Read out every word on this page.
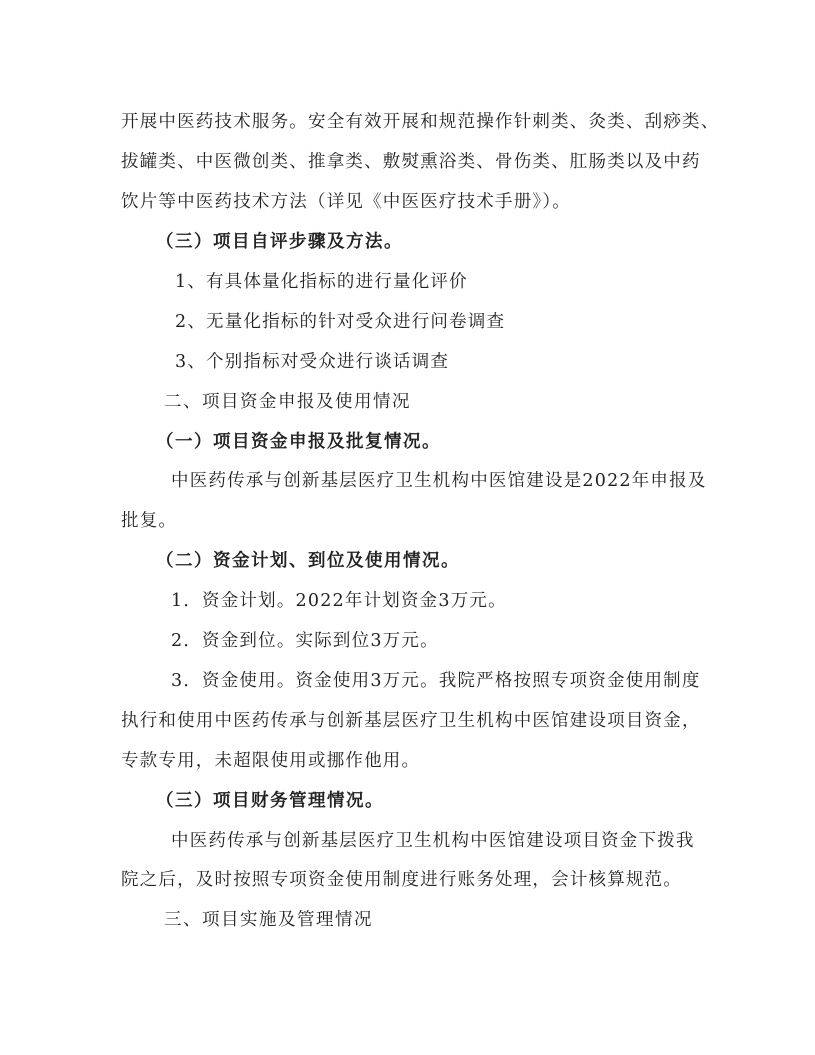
开展中医药技术服务。安全有效开展和规范操作针刺类、灸类、刮痧类、
拔罐类、中医微创类、推拿类、敷熨熏浴类、骨伤类、肛肠类以及中药
饮片等中医药技术方法（详见《中医医疗技术手册》）。
（三）项目自评步骤及方法。
1、有具体量化指标的进行量化评价
2、无量化指标的针对受众进行问卷调查
3、个别指标对受众进行谈话调查
二、项目资金申报及使用情况
（一）项目资金申报及批复情况。
中医药传承与创新基层医疗卫生机构中医馆建设是2022年申报及
批复。
（二）资金计划、到位及使用情况。
1．资金计划。2022年计划资金3万元。
2．资金到位。实际到位3万元。
3．资金使用。资金使用3万元。我院严格按照专项资金使用制度
执行和使用中医药传承与创新基层医疗卫生机构中医馆建设项目资金，
专款专用，未超限使用或挪作他用。
（三）项目财务管理情况。
中医药传承与创新基层医疗卫生机构中医馆建设项目资金下拨我
院之后，及时按照专项资金使用制度进行账务处理，会计核算规范。
三、项目实施及管理情况
